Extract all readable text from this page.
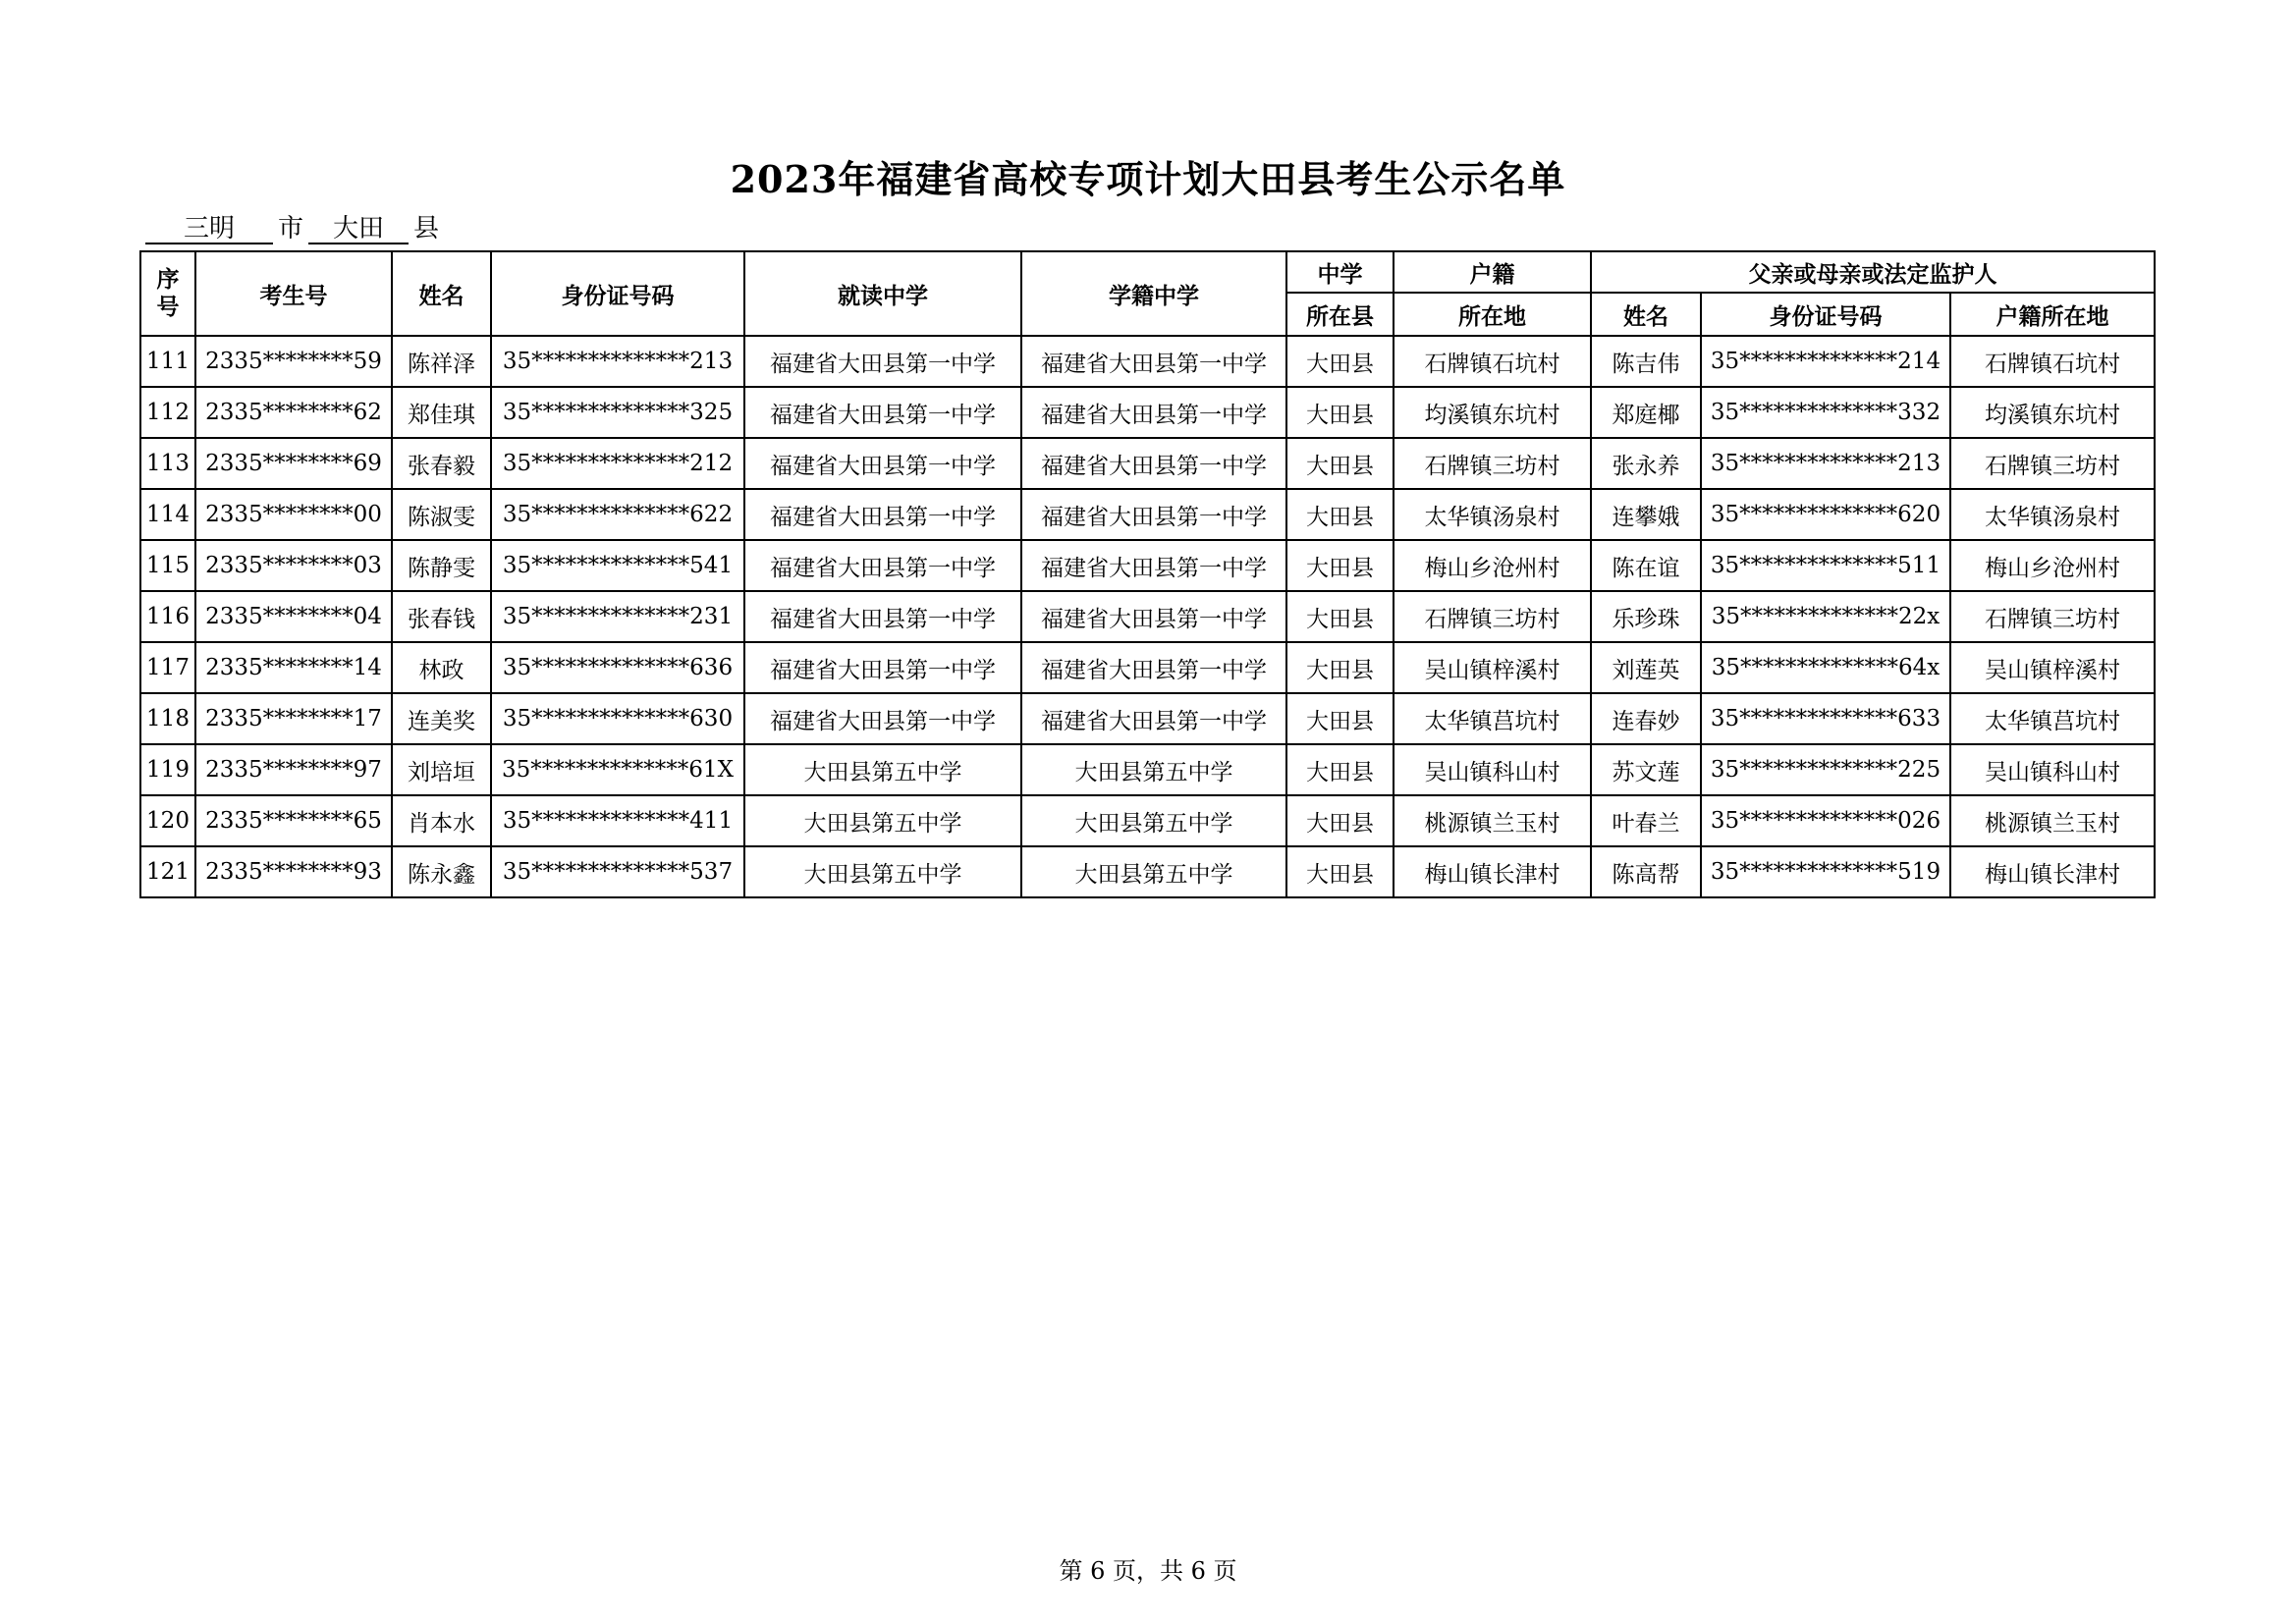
2023年福建省高校专项计划大田县考生公示名单
三明 市 大田 县
序
号	考生号	姓名	身份证号码	就读中学	学籍中学	中学	户籍	父亲或母亲或法定监护人		
						所在县	所在地	姓名	身份证号码	户籍所在地
111	2335********59	陈祥泽	35**************213	福建省大田县第一中学	福建省大田县第一中学	大田县	石牌镇石坑村	陈吉伟	35**************214	石牌镇石坑村
112	2335********62	郑佳琪	35**************325	福建省大田县第一中学	福建省大田县第一中学	大田县	均溪镇东坑村	郑庭椰	35**************332	均溪镇东坑村
113	2335********69	张春毅	35**************212	福建省大田县第一中学	福建省大田县第一中学	大田县	石牌镇三坊村	张永养	35**************213	石牌镇三坊村
114	2335********00	陈淑雯	35**************622	福建省大田县第一中学	福建省大田县第一中学	大田县	太华镇汤泉村	连攀娥	35**************620	太华镇汤泉村
115	2335********03	陈静雯	35**************541	福建省大田县第一中学	福建省大田县第一中学	大田县	梅山乡沧州村	陈在谊	35**************511	梅山乡沧州村
116	2335********04	张春钱	35**************231	福建省大田县第一中学	福建省大田县第一中学	大田县	石牌镇三坊村	乐珍珠	35**************22x	石牌镇三坊村
117	2335********14	林政	35**************636	福建省大田县第一中学	福建省大田县第一中学	大田县	吴山镇梓溪村	刘莲英	35**************64x	吴山镇梓溪村
118	2335********17	连美奖	35**************630	福建省大田县第一中学	福建省大田县第一中学	大田县	太华镇莒坑村	连春妙	35**************633	太华镇莒坑村
119	2335********97	刘培垣	35**************61X	大田县第五中学	大田县第五中学	大田县	吴山镇科山村	苏文莲	35**************225	吴山镇科山村
120	2335********65	肖本水	35**************411	大田县第五中学	大田县第五中学	大田县	桃源镇兰玉村	叶春兰	35**************026	桃源镇兰玉村
121	2335********93	陈永鑫	35**************537	大田县第五中学	大田县第五中学	大田县	梅山镇长津村	陈高帮	35**************519	梅山镇长津村
第 6 页，共 6 页
